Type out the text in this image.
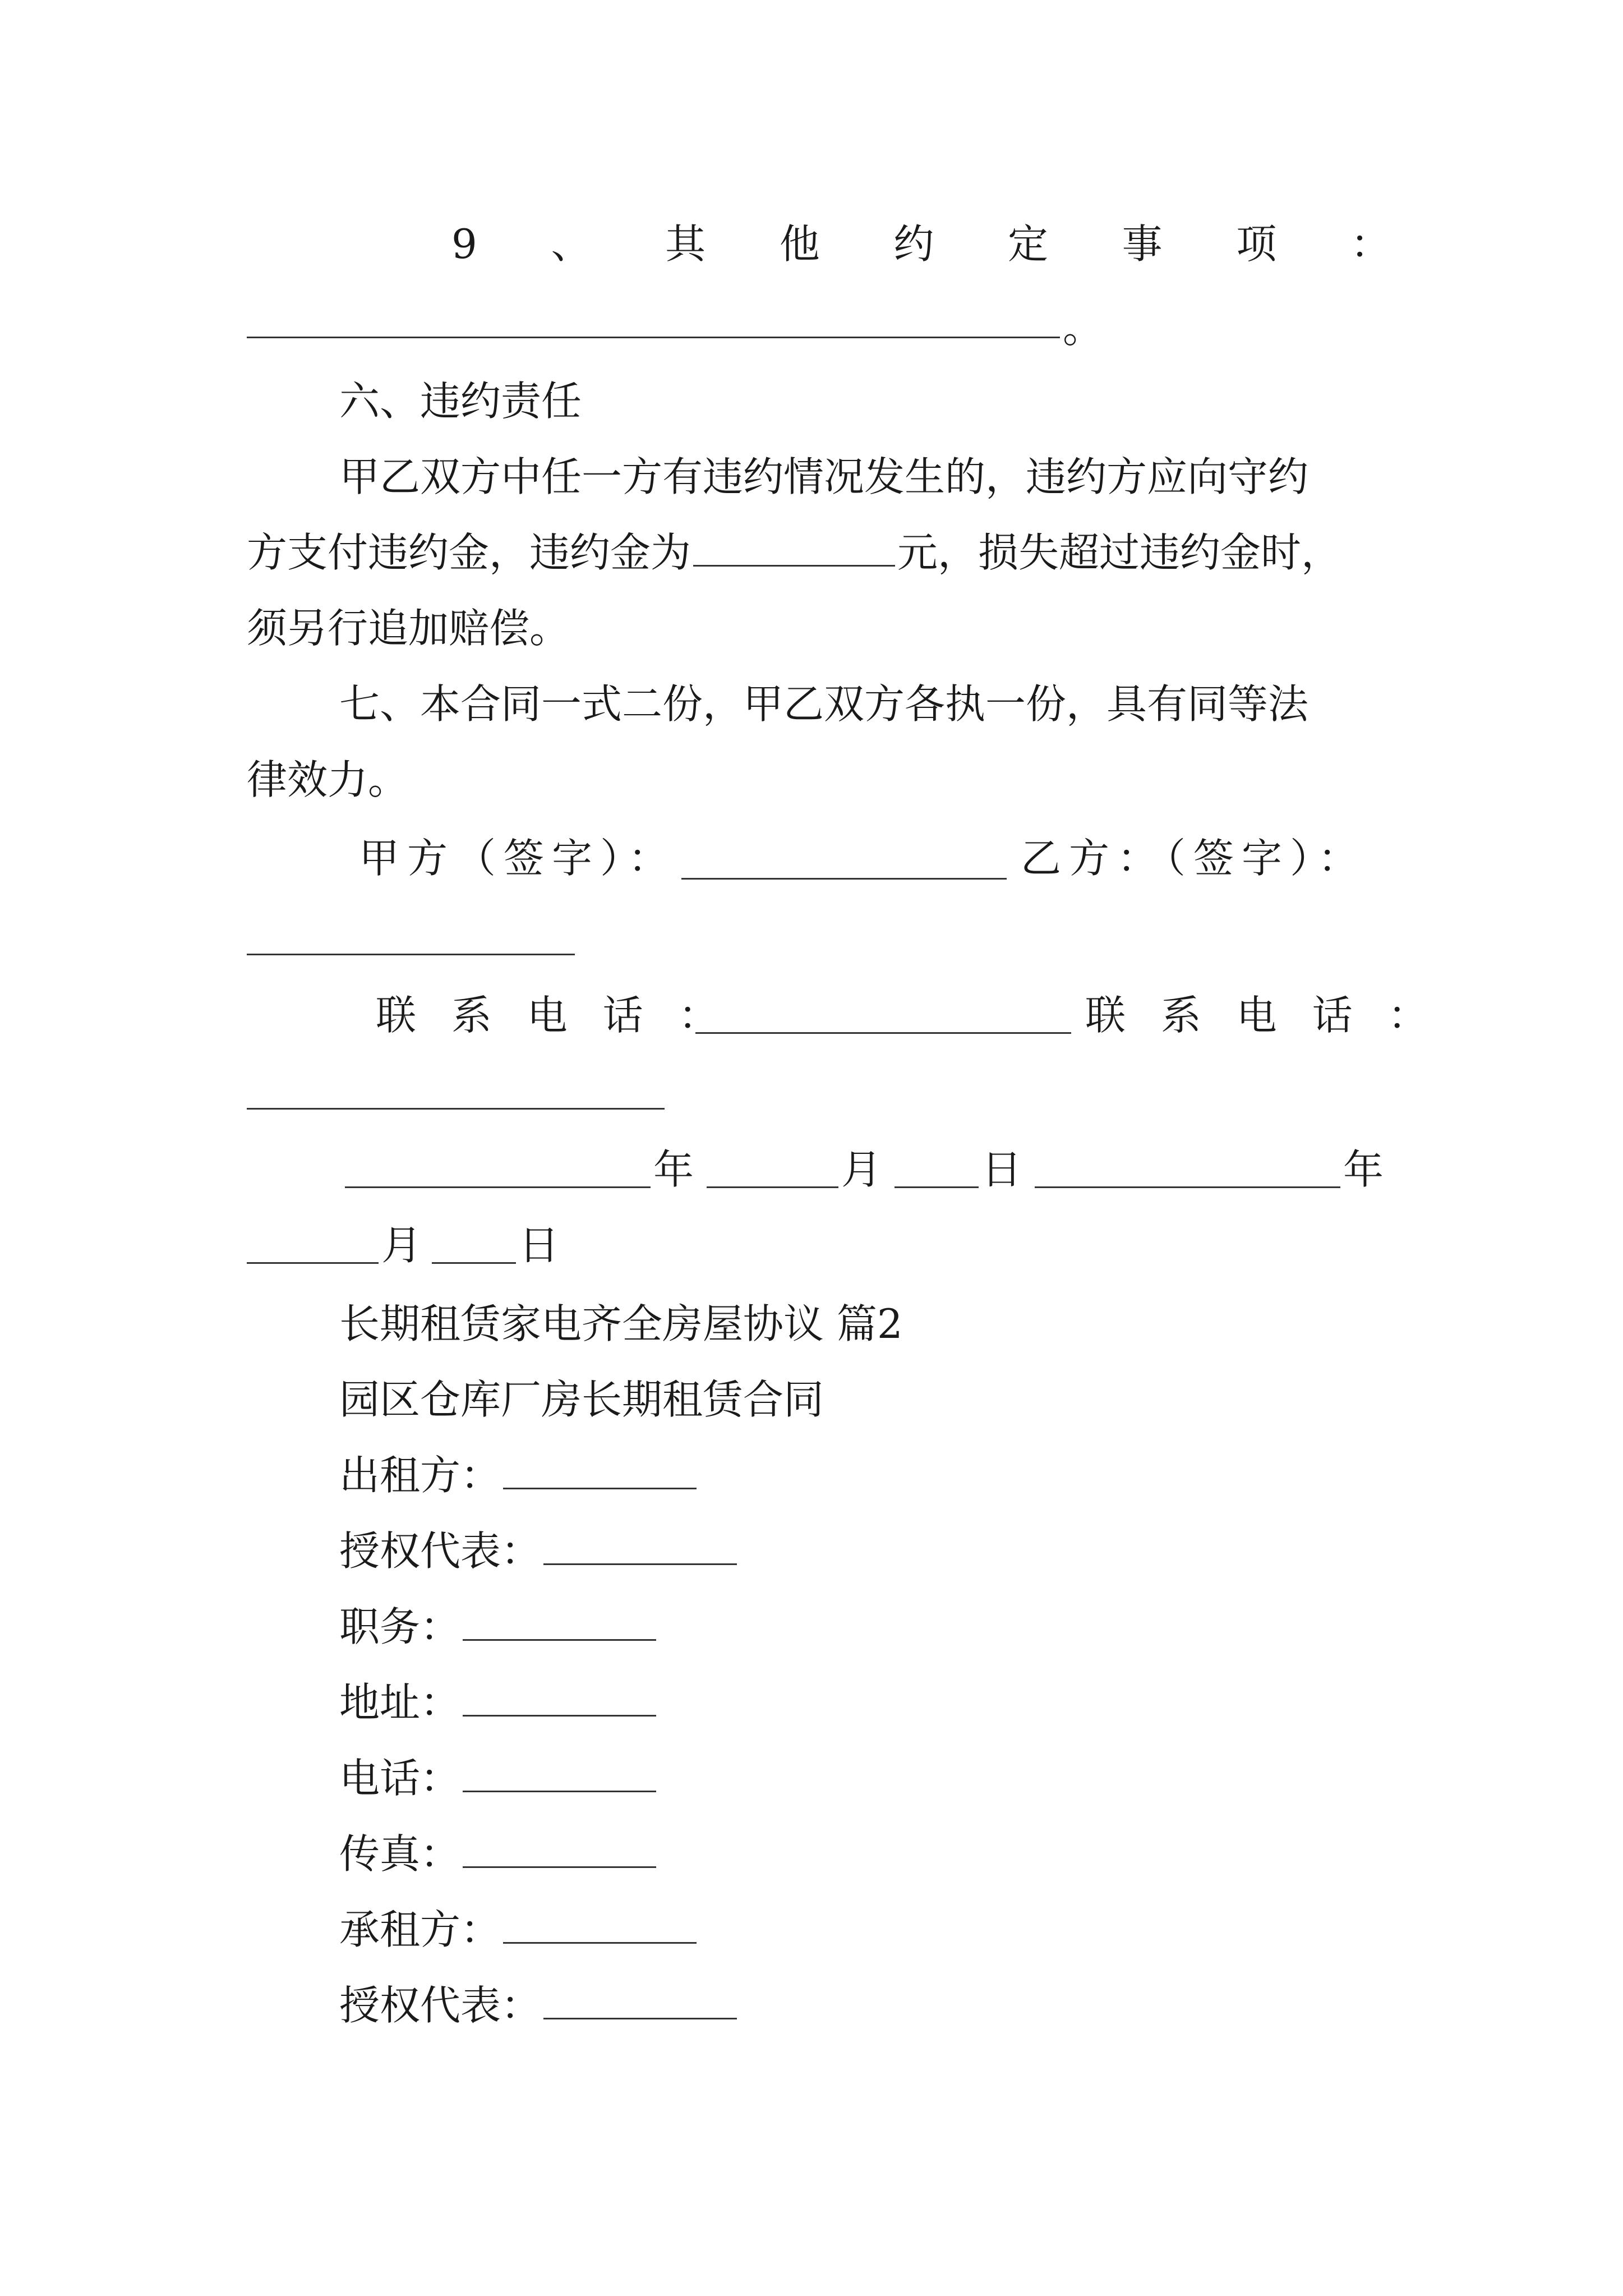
9 、 其 他 约 定 事 项 ：
。
六、违约责任
甲乙双方中任一方有违约情况发生的，违约方应向守约
方支付违约金，违约金为	元，损失超过违约金时，
须另行追加赔偿。
七、本合同一式二份，甲乙双方各执一份，具有同等法
律效力。
甲方（签字）：	乙方：（签字）：
联 系 电 话 ：	联 系 电 话 ：
年	月 日	年
月 日
长期租赁家电齐全房屋协议 篇2
园区仓库厂房长期租赁合同
出租方：
授权代表：
职务：
地址：
电话：
传真：
承租方：
授权代表：
